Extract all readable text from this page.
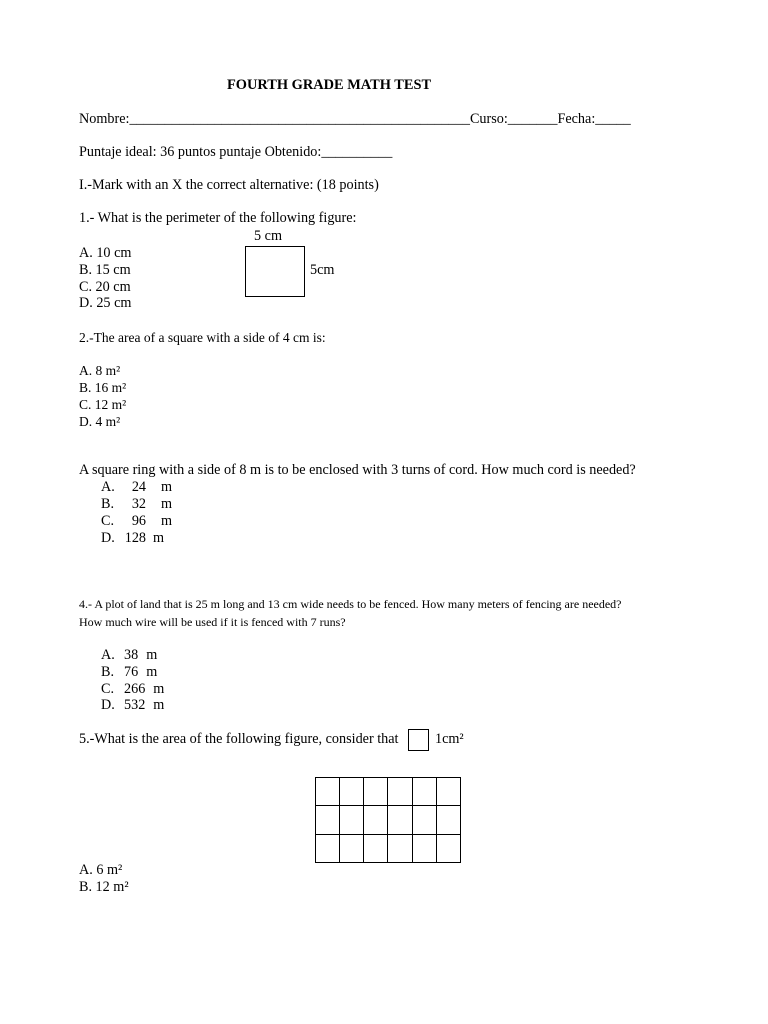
FOURTH GRADE MATH TEST
Nombre:________________________________________________Curso:_______Fecha:_____
Puntaje ideal: 36 puntos puntaje Obtenido:__________
I.-Mark with an X the correct alternative: (18 points)
1.- What is the perimeter of the following figure:
5 cm
5cm
A. 10 cm
B. 15 cm
C. 20 cm
D. 25 cm
2.-The area of a square with a side of 4 cm is:
A. 8 m²
B. 16 m²
C. 12 m²
D. 4 m²
A square ring with a side of 8 m is to be enclosed with 3 turns of cord. How much cord is needed?
A.	24 m
B.	32 m
C.	96 m
D. 128 m
4.- A plot of land that is 25 m long and 13 cm wide needs to be fenced. How many meters of fencing are needed?
How much wire will be used if it is fenced with 7 runs?
A. 38 m
B. 76 m
C. 266 m
D. 532 m
5.-What is the area of the following figure, consider that	1cm²
A. 6 m²
B. 12 m²
